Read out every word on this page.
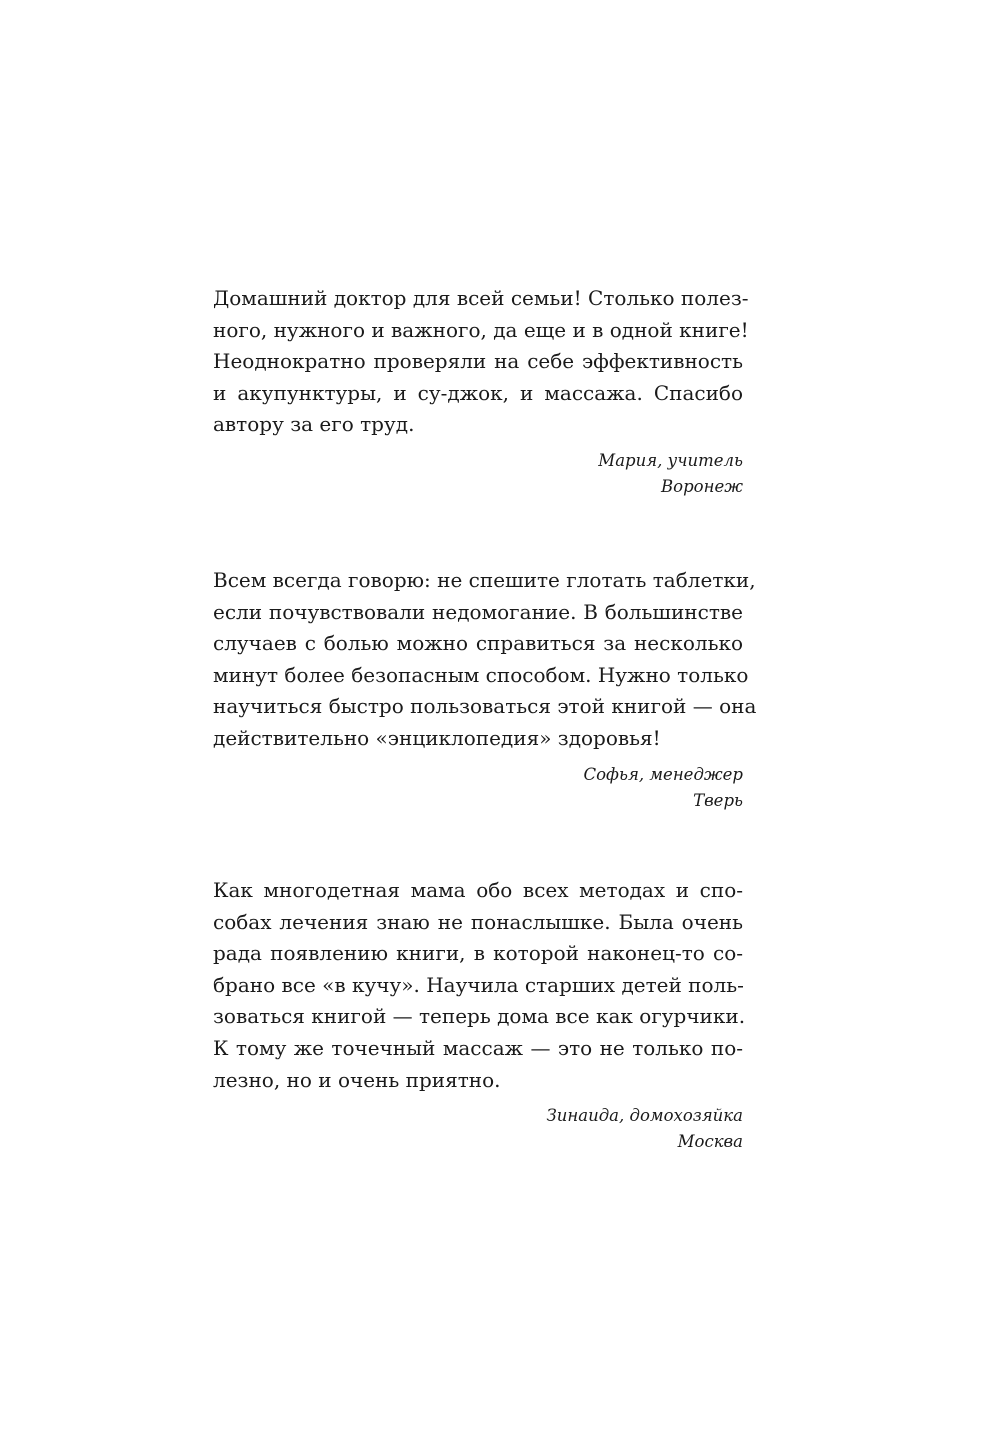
Домашний доктор для всей семьи! Столько полез-
ного, нужного и важного, да еще и в одной книге!
Неоднократно проверяли на себе эффективность
и акупунктуры, и су-джок, и массажа. Спасибо
автору за его труд.

Мария, учитель
Воронеж

Всем всегда говорю: не спешите глотать таблетки,
если почувствовали недомогание. В большинстве
случаев с болью можно справиться за несколько
минут более безопасным способом. Нужно только
научиться быстро пользоваться этой книгой — она
действительно «энциклопедия» здоровья!

Софья, менеджер
Тверь

Как многодетная мама обо всех методах и спо-
собах лечения знаю не понаслышке. Была очень
рада появлению книги, в которой наконец-то со-
брано все «в кучу». Научила старших детей поль-
зоваться книгой — теперь дома все как огурчики.
К тому же точечный массаж — это не только по-
лезно, но и очень приятно.

Зинаида, домохозяйка
Москва
